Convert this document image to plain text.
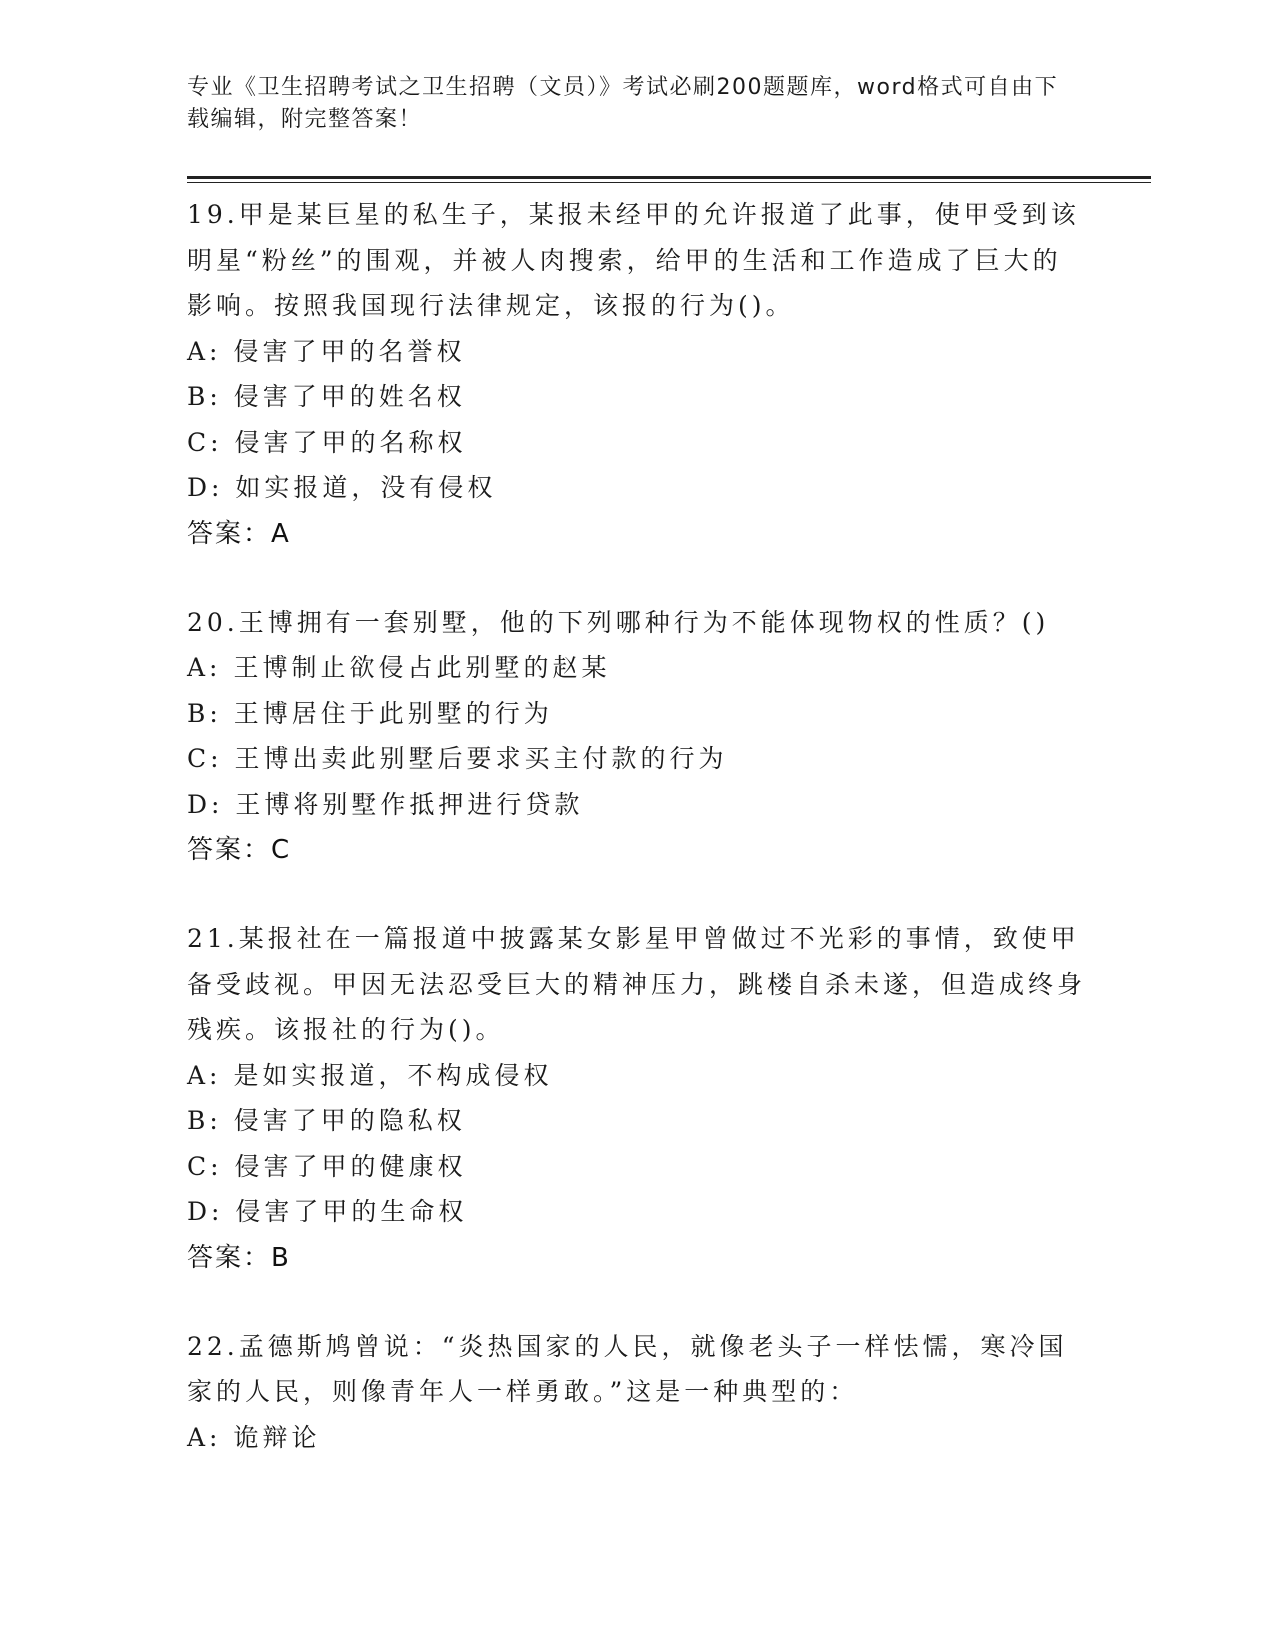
专业《卫生招聘考试之卫生招聘（文员）》考试必刷200题题库，word格式可自由下载编辑，附完整答案！

19.甲是某巨星的私生子，某报未经甲的允许报道了此事，使甲受到该明星“粉丝”的围观，并被人肉搜索，给甲的生活和工作造成了巨大的影响。按照我国现行法律规定，该报的行为()。

A: 侵害了甲的名誉权

B: 侵害了甲的姓名权

C: 侵害了甲的名称权

D: 如实报道，没有侵权

答案：A

20.王博拥有一套别墅，他的下列哪种行为不能体现物权的性质？()

A: 王博制止欲侵占此别墅的赵某

B: 王博居住于此别墅的行为

C: 王博出卖此别墅后要求买主付款的行为

D: 王博将别墅作抵押进行贷款

答案：C

21.某报社在一篇报道中披露某女影星甲曾做过不光彩的事情，致使甲备受歧视。甲因无法忍受巨大的精神压力，跳楼自杀未遂，但造成终身残疾。该报社的行为()。

A: 是如实报道，不构成侵权

B: 侵害了甲的隐私权

C: 侵害了甲的健康权

D: 侵害了甲的生命权

答案：B

22.孟德斯鸠曾说：“炎热国家的人民，就像老头子一样怯懦，寒冷国家的人民，则像青年人一样勇敢。”这是一种典型的：

A: 诡辩论
